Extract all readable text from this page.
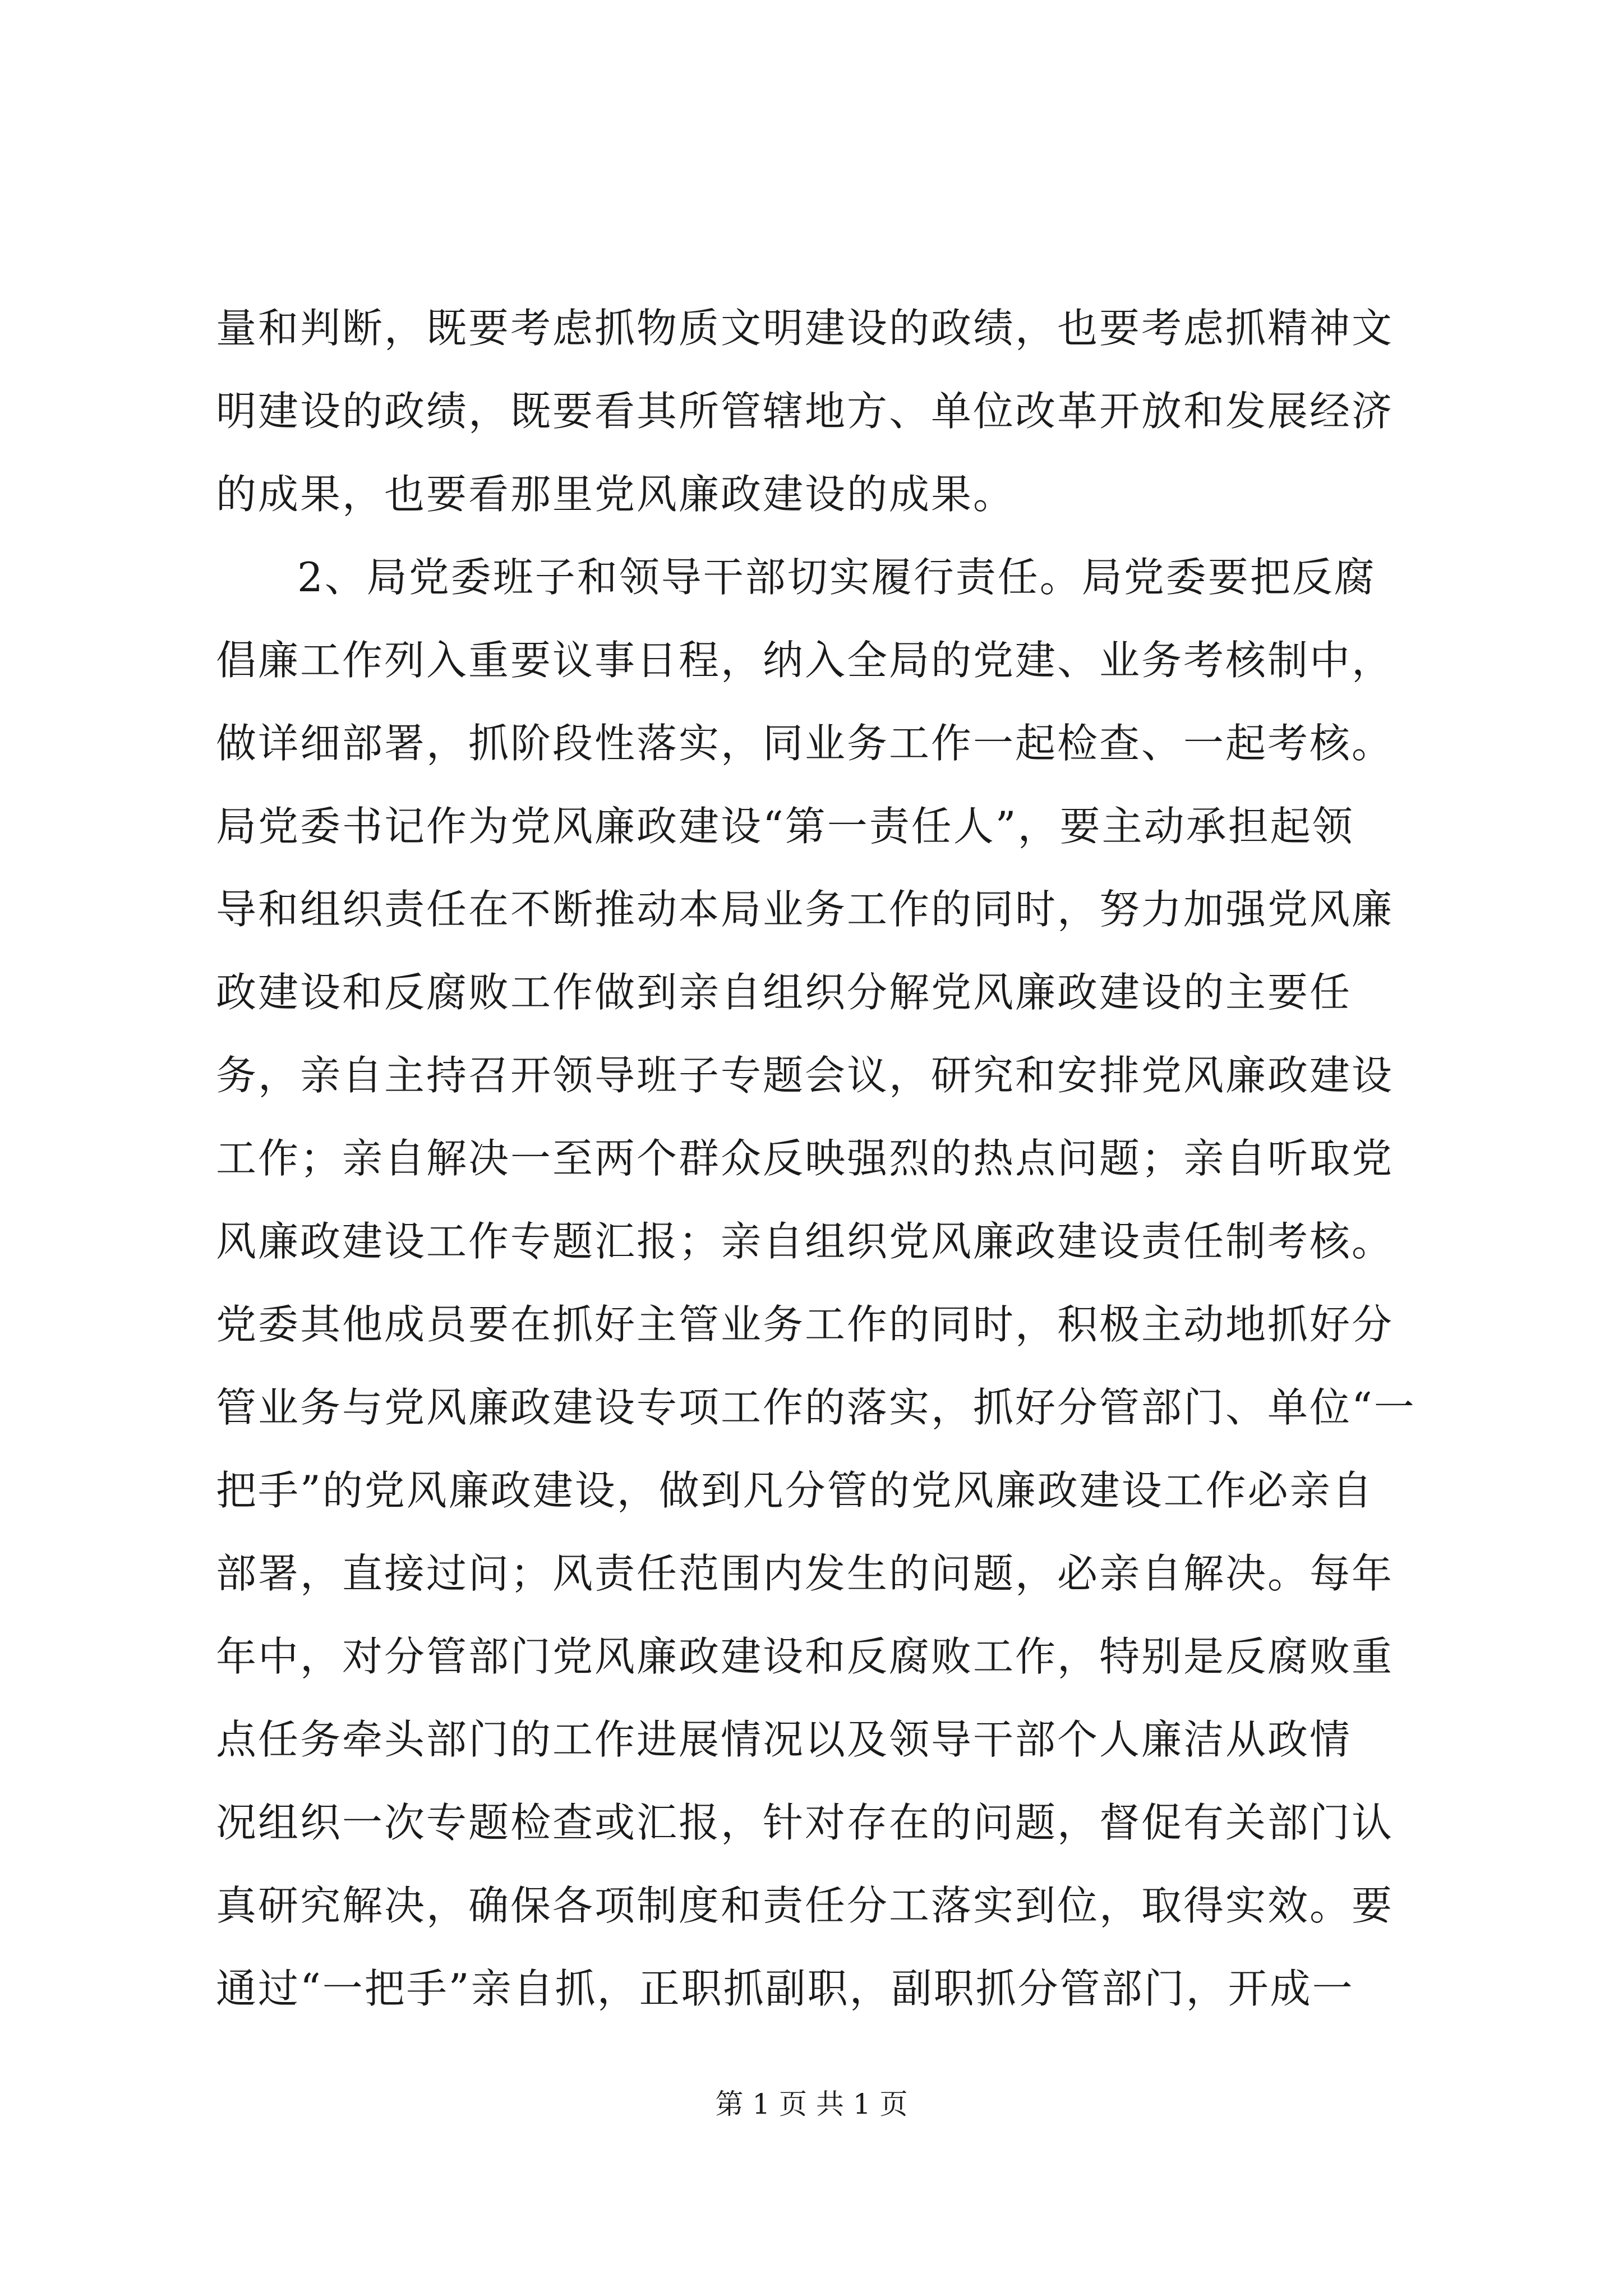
量和判断，既要考虑抓物质文明建设的政绩，也要考虑抓精神文
明建设的政绩，既要看其所管辖地方、单位改革开放和发展经济
的成果，也要看那里党风廉政建设的成果。
2、局党委班子和领导干部切实履行责任。局党委要把反腐
倡廉工作列入重要议事日程，纳入全局的党建、业务考核制中，
做详细部署，抓阶段性落实，同业务工作一起检查、一起考核。
局党委书记作为党风廉政建设“第一责任人”，要主动承担起领
导和组织责任在不断推动本局业务工作的同时，努力加强党风廉
政建设和反腐败工作做到亲自组织分解党风廉政建设的主要任
务，亲自主持召开领导班子专题会议，研究和安排党风廉政建设
工作；亲自解决一至两个群众反映强烈的热点问题；亲自听取党
风廉政建设工作专题汇报；亲自组织党风廉政建设责任制考核。
党委其他成员要在抓好主管业务工作的同时，积极主动地抓好分
管业务与党风廉政建设专项工作的落实，抓好分管部门、单位“一
把手”的党风廉政建设，做到凡分管的党风廉政建设工作必亲自
部署，直接过问；风责任范围内发生的问题，必亲自解决。每年
年中，对分管部门党风廉政建设和反腐败工作，特别是反腐败重
点任务牵头部门的工作进展情况以及领导干部个人廉洁从政情
况组织一次专题检查或汇报，针对存在的问题，督促有关部门认
真研究解决，确保各项制度和责任分工落实到位，取得实效。要
通过“一把手”亲自抓，正职抓副职，副职抓分管部门，开成一
第 1 页 共 1 页
